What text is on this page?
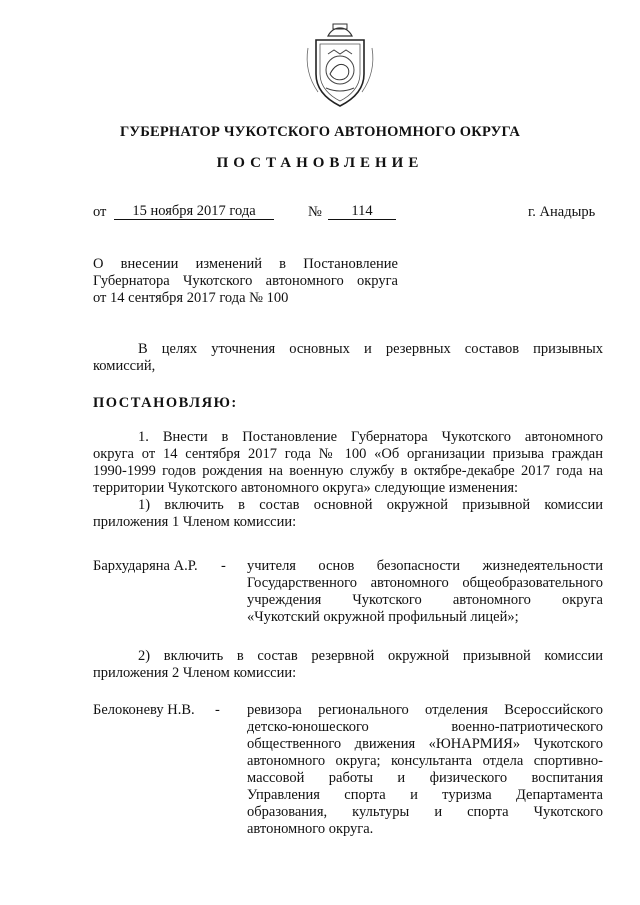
ГУБЕРНАТОР ЧУКОТСКОГО АВТОНОМНОГО ОКРУГА
ПОСТАНОВЛЕНИЕ
от	15 ноября 2017 года	№	114	г. Анадырь
О внесении изменений в Постановление
Губернатора Чукотского автономного округа
от 14 сентября 2017 года № 100
В целях уточнения основных и резервных составов призывных
комиссий,
ПОСТАНОВЛЯЮ:
1. Внести в Постановление Губернатора Чукотского автономного
округа от 14 сентября 2017 года № 100 «Об организации призыва граждан
1990-1999 годов рождения на военную службу в октябре-декабре 2017 года на
территории Чукотского автономного округа» следующие изменения:
1) включить в состав основной окружной призывной комиссии
приложения 1 Членом комиссии:
Бархударяна А.Р. - учителя основ безопасности жизнедеятельности
Государственного автономного общеобразовательного
учреждения Чукотского автономного округа
«Чукотский окружной профильный лицей»;
2) включить в состав резервной окружной призывной комиссии
приложения 2 Членом комиссии:
Белоконеву Н.В. - ревизора регионального отделения Всероссийского
детско-юношеского военно-патриотического
общественного движения «ЮНАРМИЯ» Чукотского
автономного округа; консультанта отдела спортивно-
массовой работы и физического воспитания
Управления спорта и туризма Департамента
образования, культуры и спорта Чукотского
автономного округа.
